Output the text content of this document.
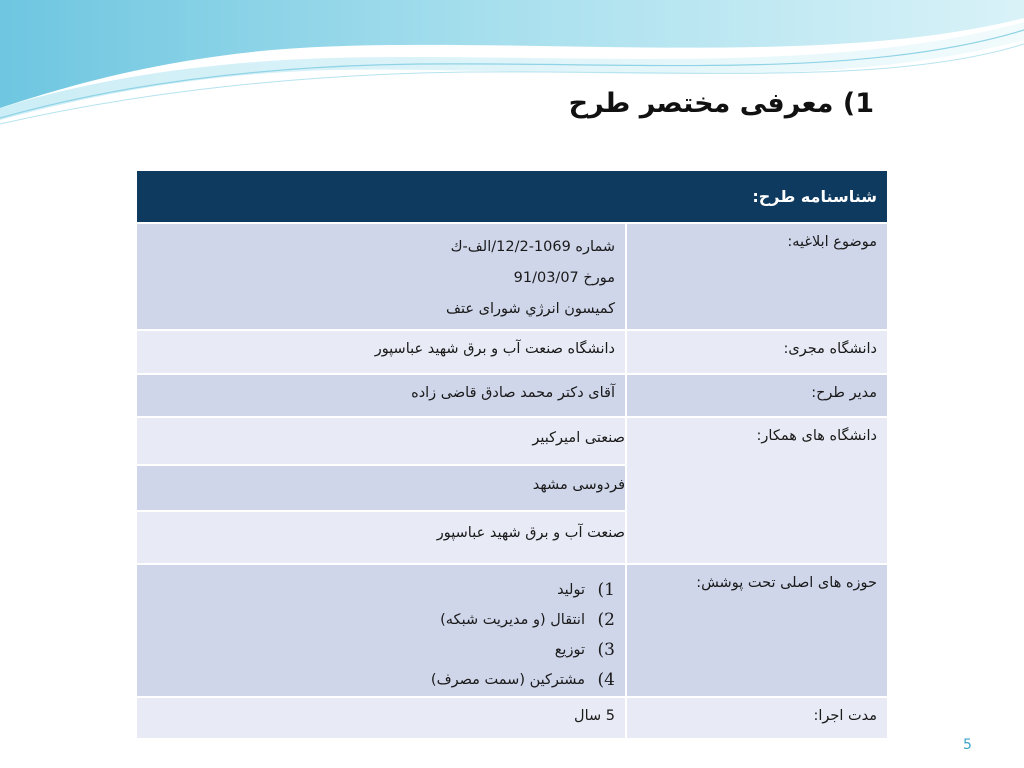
1) معرفی مختصر طرح
شناسنامه طرح:
موضوع ابلاغیه:
شماره 1069-12/2/الف-ك
مورخ 91/03/07
کمیسون انرژي شورای عتف
دانشگاه مجری:
دانشگاه صنعت آب و برق شهید عباسپور
مدیر طرح:
آقای دکتر محمد صادق قاضی زاده
دانشگاه های همکار:
صنعتی امیرکبیر
فردوسی مشهد
صنعت آب و برق شهید عباسپور
حوزه های اصلی تحت پوشش:
1)
تولید
2)
انتقال (و مدیریت شبکه)
3)
توزیع
4)
مشترکین (سمت مصرف)
مدت اجرا:
5 سال
5
